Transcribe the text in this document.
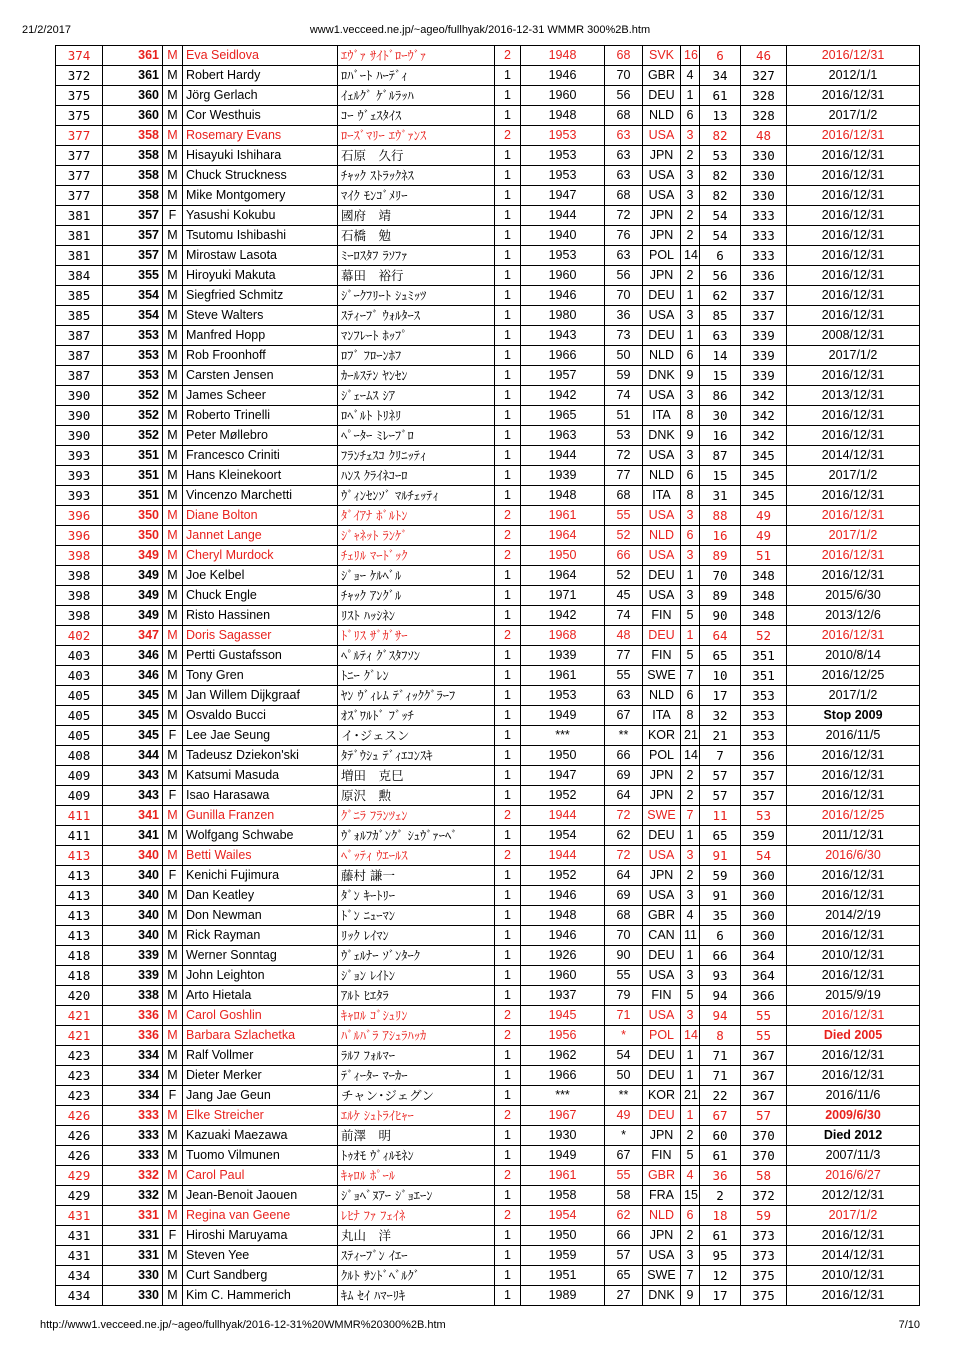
21/2/2017	www1.vecceed.ne.jp/~ageo/fullhyak/2016-12-31 WMMR 300%2B.htm
374	361	M	Eva Seidlova	ｴｳﾞｧ ｻｲﾄﾞﾛｰｳﾞｧ	2	1948	68	SVK	16	6	46	2016/12/31
372	361	M	Robert Hardy	ﾛﾊﾞｰﾄ ﾊｰﾃﾞｨ	1	1946	70	GBR	4	34	327	2012/1/1
375	360	M	Jörg Gerlach	ｲｪﾙｸﾞ ｹﾞﾙﾗｯﾊ	1	1960	56	DEU	1	61	328	2016/12/31
375	360	M	Cor Westhuis	ｺｰ ｳﾞｪｽﾀｲｽ	1	1948	68	NLD	6	13	328	2017/1/2
377	358	M	Rosemary Evans	ﾛｰｽﾞﾏﾘｰ ｴｳﾞｧﾝｽ	2	1953	63	USA	3	82	48	2016/12/31
377	358	M	Hisayuki Ishihara	石原　久行	1	1953	63	JPN	2	53	330	2016/12/31
377	358	M	Chuck Struckness	ﾁｬｯｸ ｽﾄﾗｯｸﾈｽ	1	1953	63	USA	3	82	330	2016/12/31
377	358	M	Mike Montgomery	ﾏｲｸ ﾓﾝｺﾞﾒﾘｰ	1	1947	68	USA	3	82	330	2016/12/31
381	357	F	Yasushi Kokubu	國府　靖	1	1944	72	JPN	2	54	333	2016/12/31
381	357	M	Tsutomu Ishibashi	石橋　勉	1	1940	76	JPN	2	54	333	2016/12/31
381	357	M	Mirostaw Lasota	ﾐｰﾛｽﾀﾌ ﾗｿﾌｧ	1	1953	63	POL	14	6	333	2016/12/31
384	355	M	Hiroyuki Makuta	幕田　裕行	1	1960	56	JPN	2	56	336	2016/12/31
385	354	M	Siegfried Schmitz	ｼﾞｰｸﾌﾘｰﾄ ｼｭﾐｯﾂ	1	1946	70	DEU	1	62	337	2016/12/31
385	354	M	Steve Walters	ｽﾃｨｰﾌﾞ ｳｫﾙﾀｰｽ	1	1980	36	USA	3	85	337	2016/12/31
387	353	M	Manfred Hopp	ﾏﾝﾌﾚｰﾄ ﾎｯﾌﾟ	1	1943	73	DEU	1	63	339	2008/12/31
387	353	M	Rob Froonhoff	ﾛﾌﾞ ﾌﾛｰﾝﾎﾌ	1	1966	50	NLD	6	14	339	2017/1/2
387	353	M	Carsten Jensen	ｶｰﾙｽﾃﾝ ﾔﾝｾﾝ	1	1957	59	DNK	9	15	339	2016/12/31
390	352	M	James Scheer	ｼﾞｪｰﾑｽ ｼｱ	1	1942	74	USA	3	86	342	2013/12/31
390	352	M	Roberto Trinelli	ﾛﾍﾞﾙﾄ ﾄﾘﾈﾘ	1	1965	51	ITA	8	30	342	2016/12/31
390	352	M	Peter Møllebro	ﾍﾟｰﾀｰ ﾐﾚｰﾌﾞﾛ	1	1963	53	DNK	9	16	342	2016/12/31
393	351	M	Francesco Criniti	ﾌﾗﾝﾁｪｽｺ ｸﾘﾆｯﾃｨ	1	1944	72	USA	3	87	345	2014/12/31
393	351	M	Hans Kleinekoort	ﾊﾝｽ ｸﾗｲﾈｺｰﾛ	1	1939	77	NLD	6	15	345	2017/1/2
393	351	M	Vincenzo Marchetti	ｳﾞｨﾝｾﾝｿﾞ ﾏﾙﾁｪｯﾃｨ	1	1948	68	ITA	8	31	345	2016/12/31
396	350	M	Diane Bolton	ﾀﾞｲｱﾅ ﾎﾞﾙﾄﾝ	2	1961	55	USA	3	88	49	2016/12/31
396	350	M	Jannet Lange	ｼﾞｬﾈｯﾄ ﾗﾝｹﾞ	2	1964	52	NLD	6	16	49	2017/1/2
398	349	M	Cheryl Murdock	ﾁｪﾘﾙ ﾏｰﾄﾞｯｸ	2	1950	66	USA	3	89	51	2016/12/31
398	349	M	Joe Kelbel	ｼﾞｮｰ ｹﾙﾍﾞﾙ	1	1964	52	DEU	1	70	348	2016/12/31
398	349	M	Chuck Engle	ﾁｬｯｸ ｱﾝｸﾞﾙ	1	1971	45	USA	3	89	348	2015/6/30
398	349	M	Risto Hassinen	ﾘｽﾄ ﾊｯｼﾈﾝ	1	1942	74	FIN	5	90	348	2013/12/6
402	347	M	Doris Sagasser	ﾄﾞﾘｽ ｻﾞｶﾞｻｰ	2	1968	48	DEU	1	64	52	2016/12/31
403	346	M	Pertti Gustafsson	ﾍﾟﾙﾃｨ ｸﾞｽﾀﾌｿﾝ	1	1939	77	FIN	5	65	351	2010/8/14
403	346	M	Tony Gren	ﾄﾆｰ ｸﾞﾚﾝ	1	1961	55	SWE	7	10	351	2016/12/25
405	345	M	Jan Willem Dijkgraaf	ﾔﾝ ｳﾞｨﾚﾑ ﾃﾞｨｯｸｸﾞﾗｰﾌ	1	1953	63	NLD	6	17	353	2017/1/2
405	345	M	Osvaldo Bucci	ｵｽﾞﾜﾙﾄﾞ ﾌﾞｯﾁ	1	1949	67	ITA	8	32	353	Stop 2009
405	345	F	Lee Jae Seung	イ･ジェスン	1	***	**	KOR	21	21	353	2016/11/5
408	344	M	Tadeusz Dziekon'ski	ﾀﾃﾞｳｼｭ ﾃﾞｨｴｺﾝｽｷ	1	1950	66	POL	14	7	356	2016/12/31
409	343	M	Katsumi Masuda	増田　克巳	1	1947	69	JPN	2	57	357	2016/12/31
409	343	F	Isao Harasawa	原沢　勲	1	1952	64	JPN	2	57	357	2016/12/31
411	341	M	Gunilla Franzen	ｸﾞﾆﾗ ﾌﾗﾝﾂｪﾝ	2	1944	72	SWE	7	11	53	2016/12/25
411	341	M	Wolfgang Schwabe	ｳﾞｫﾙﾌｶﾞﾝｸﾞ ｼｭｳﾞｧｰﾍﾞ	1	1954	62	DEU	1	65	359	2011/12/31
413	340	M	Betti Wailes	ﾍﾞｯﾃｨ ｳｴｰﾙｽ	2	1944	72	USA	3	91	54	2016/6/30
413	340	F	Kenichi Fujimura	藤村 謙一	1	1952	64	JPN	2	59	360	2016/12/31
413	340	M	Dan Keatley	ﾀﾞﾝ ｷｰﾄﾘｰ	1	1946	69	USA	3	91	360	2016/12/31
413	340	M	Don Newman	ﾄﾞﾝ ﾆｭｰﾏﾝ	1	1948	68	GBR	4	35	360	2014/2/19
413	340	M	Rick Rayman	ﾘｯｸ ﾚｲﾏﾝ	1	1946	70	CAN	11	6	360	2016/12/31
418	339	M	Werner Sonntag	ｳﾞｪﾙﾅｰ ｿﾞﾝﾀｰｸ	1	1926	90	DEU	1	66	364	2010/12/31
418	339	M	John Leighton	ｼﾞｮﾝ ﾚｲﾄﾝ	1	1960	55	USA	3	93	364	2016/12/31
420	338	M	Arto Hietala	ｱﾙﾄ ﾋｴﾀﾗ	1	1937	79	FIN	5	94	366	2015/9/19
421	336	M	Carol Goshlin	ｷｬﾛﾙ ｺﾞｼｭﾘﾝ	2	1945	71	USA	3	94	55	2016/12/31
421	336	M	Barbara Szlachetka	ﾊﾞﾙﾊﾞﾗ ｱｼｭﾗﾊｯｶ	2	1956	*	POL	14	8	55	Died 2005
423	334	M	Ralf Vollmer	ﾗﾙﾌ ﾌｫﾙﾏｰ	1	1962	54	DEU	1	71	367	2016/12/31
423	334	M	Dieter Merker	ﾃﾞｨｰﾀｰ ﾏｰｶｰ	1	1966	50	DEU	1	71	367	2016/12/31
423	334	F	Jang Jae Geun	チャン･ジェグン	1	***	**	KOR	21	22	367	2016/11/6
426	333	M	Elke Streicher	ｴﾙｹ ｼｭﾄﾗｲﾋｬｰ	2	1967	49	DEU	1	67	57	2009/6/30
426	333	M	Kazuaki Maezawa	前澤　明	1	1930	*	JPN	2	60	370	Died 2012
426	333	M	Tuomo Vilmunen	ﾄｩｵﾓ ｳﾞｨﾙﾓﾈﾝ	1	1949	67	FIN	5	61	370	2007/11/3
429	332	M	Carol Paul	ｷｬﾛﾙ ﾎﾟｰﾙ	2	1961	55	GBR	4	36	58	2016/6/27
429	332	M	Jean-Benoit Jaouen	ｼﾞｮﾍﾞﾇｱｰ ｼﾞｮｴｰﾝ	1	1958	58	FRA	15	2	372	2012/12/31
431	331	M	Regina van Geene	ﾚﾋﾅ ﾌｧ ﾌｪｲﾈ	2	1954	62	NLD	6	18	59	2017/1/2
431	331	F	Hiroshi Maruyama	丸山　洋	1	1950	66	JPN	2	61	373	2016/12/31
431	331	M	Steven Yee	ｽﾃｨｰﾌﾞﾝ ｲｴｰ	1	1959	57	USA	3	95	373	2014/12/31
434	330	M	Curt Sandberg	ｸﾙﾄ ｻﾝﾄﾞﾍﾞﾙｸﾞ	1	1951	65	SWE	7	12	375	2010/12/31
434	330	M	Kim C. Hammerich	ｷﾑ ｾｲ ﾊﾏｰﾘｷ	1	1989	27	DNK	9	17	375	2016/12/31
http://www1.vecceed.ne.jp/~ageo/fullhyak/2016-12-31%20WMMR%20300%2B.htm	7/10
